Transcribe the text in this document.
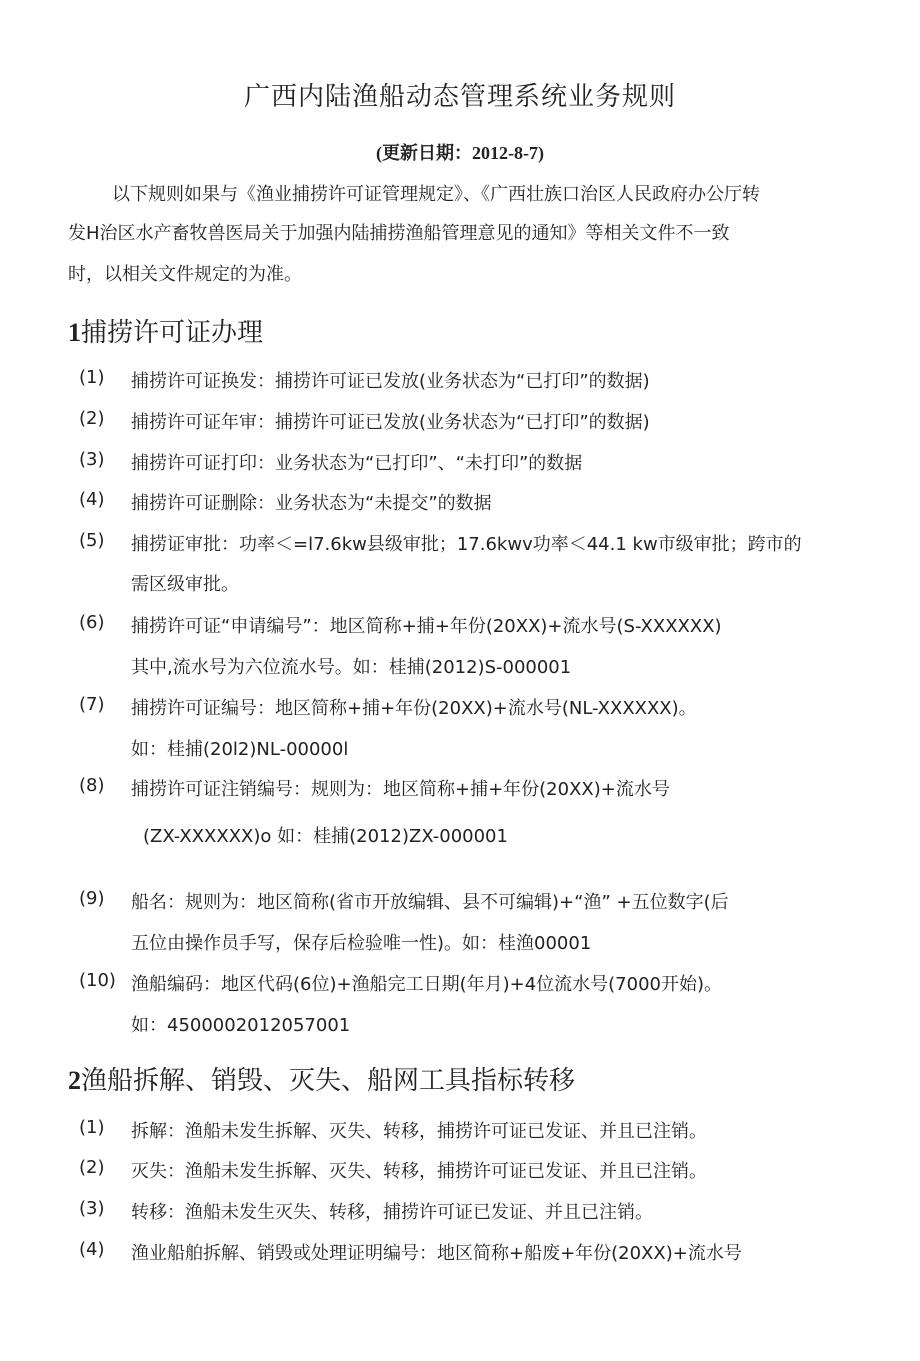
广西内陆渔船动态管理系统业务规则
(更新日期：2012-8-7)
以下规则如果与《渔业捕捞许可证管理规定》、《广西壮族口治区人民政府办公厅转
发H治区水产畜牧兽医局关于加强内陆捕捞渔船管理意见的通知》等相关文件不一致
时，以相关文件规定的为准。
1捕捞许可证办理
(1) 捕捞许可证换发：捕捞许可证已发放(业务状态为“已打印”的数据)
(2) 捕捞许可证年审：捕捞许可证已发放(业务状态为“已打印”的数据)
(3) 捕捞许可证打印：业务状态为“已打印”、“未打印”的数据
(4) 捕捞许可证删除：业务状态为“未提交”的数据
(5) 捕捞证审批：功率＜=l7.6kw县级审批；17.6kwv功率＜44.1 kw市级审批；跨市的
需区级审批。
(6) 捕捞许可证“申请编号”：地区简称+捕+年份(20XX)+流水号(S-XXXXXX)
其中,流水号为六位流水号。如：桂捕(2012)S-000001
(7) 捕捞许可证编号：地区简称+捕+年份(20XX)+流水号(NL-XXXXXX)。
如：桂捕(20l2)NL-00000l
(8) 捕捞许可证注销编号：规则为：地区简称+捕+年份(20XX)+流水号
(ZX-XXXXXX)o 如：桂捕(2012)ZX-000001
(9) 船名：规则为：地区简称(省市开放编辑、县不可编辑)+“渔” +五位数字(后
五位由操作员手写，保存后检验唯一性)。如：桂渔00001
(10) 渔船编码：地区代码(6位)+渔船完工日期(年月)+4位流水号(7000开始)。
如：4500002012057001
2渔船拆解、销毁、灭失、船网工具指标转移
(1) 拆解：渔船未发生拆解、灭失、转移，捕捞许可证已发证、并且已注销。
(2) 灭失：渔船未发生拆解、灭失、转移，捕捞许可证已发证、并且已注销。
(3) 转移：渔船未发生灭失、转移，捕捞许可证已发证、并且已注销。
(4) 渔业船舶拆解、销毁或处理证明编号：地区简称+船废+年份(20XX)+流水号
